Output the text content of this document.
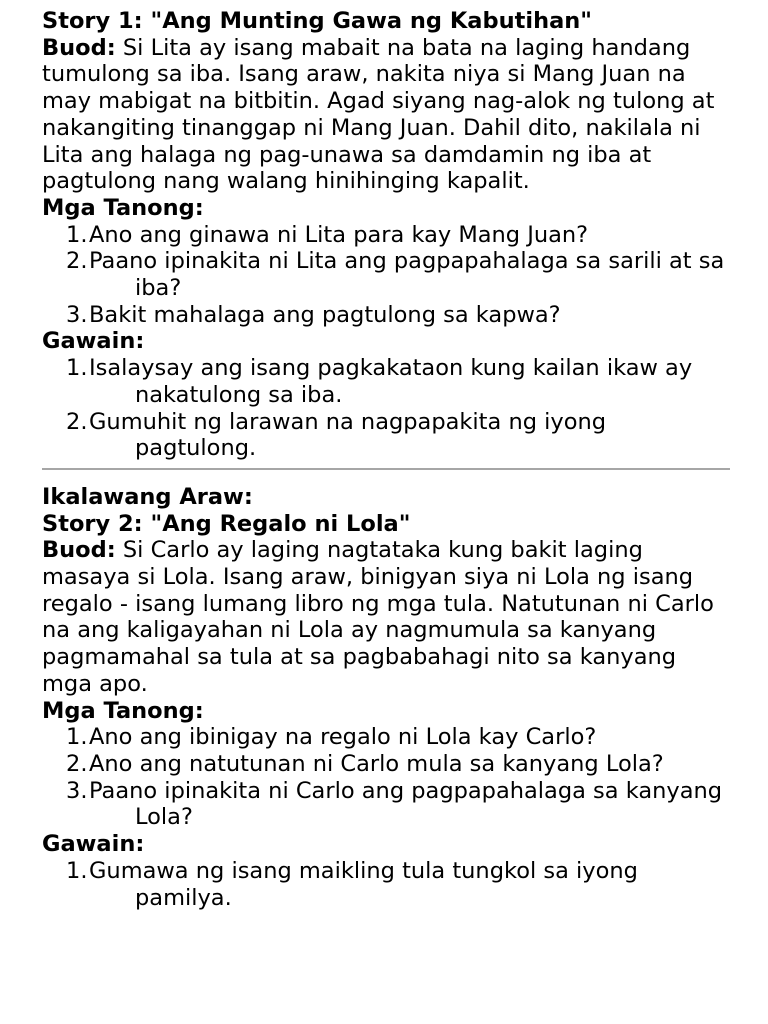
Story 1: "Ang Munting Gawa ng Kabutihan"

Buod: Si Lita ay isang mabait na bata na laging handang tumulong sa iba. Isang araw, nakita niya si Mang Juan na may mabigat na bitbitin. Agad siyang nag-alok ng tulong at nakangiting tinanggap ni Mang Juan. Dahil dito, nakilala ni Lita ang halaga ng pag-unawa sa damdamin ng iba at pagtulong nang walang hinihinging kapalit.

Mga Tanong:
1. Ano ang ginawa ni Lita para kay Mang Juan?
2. Paano ipinakita ni Lita ang pagpapahalaga sa sarili at sa iba?
3. Bakit mahalaga ang pagtulong sa kapwa?
Gawain:
1. Isalaysay ang isang pagkakataon kung kailan ikaw ay nakatulong sa iba.
2. Gumuhit ng larawan na nagpapakita ng iyong pagtulong.
Ikalawang Araw:
Story 2: "Ang Regalo ni Lola"

Buod: Si Carlo ay laging nagtataka kung bakit laging masaya si Lola. Isang araw, binigyan siya ni Lola ng isang regalo - isang lumang libro ng mga tula. Natutunan ni Carlo na ang kaligayahan ni Lola ay nagmumula sa kanyang pagmamahal sa tula at sa pagbabahagi nito sa kanyang mga apo.

Mga Tanong:
1. Ano ang ibinigay na regalo ni Lola kay Carlo?
2. Ano ang natutunan ni Carlo mula sa kanyang Lola?
3. Paano ipinakita ni Carlo ang pagpapahalaga sa kanyang Lola?
Gawain:
1. Gumawa ng isang maikling tula tungkol sa iyong pamilya.
